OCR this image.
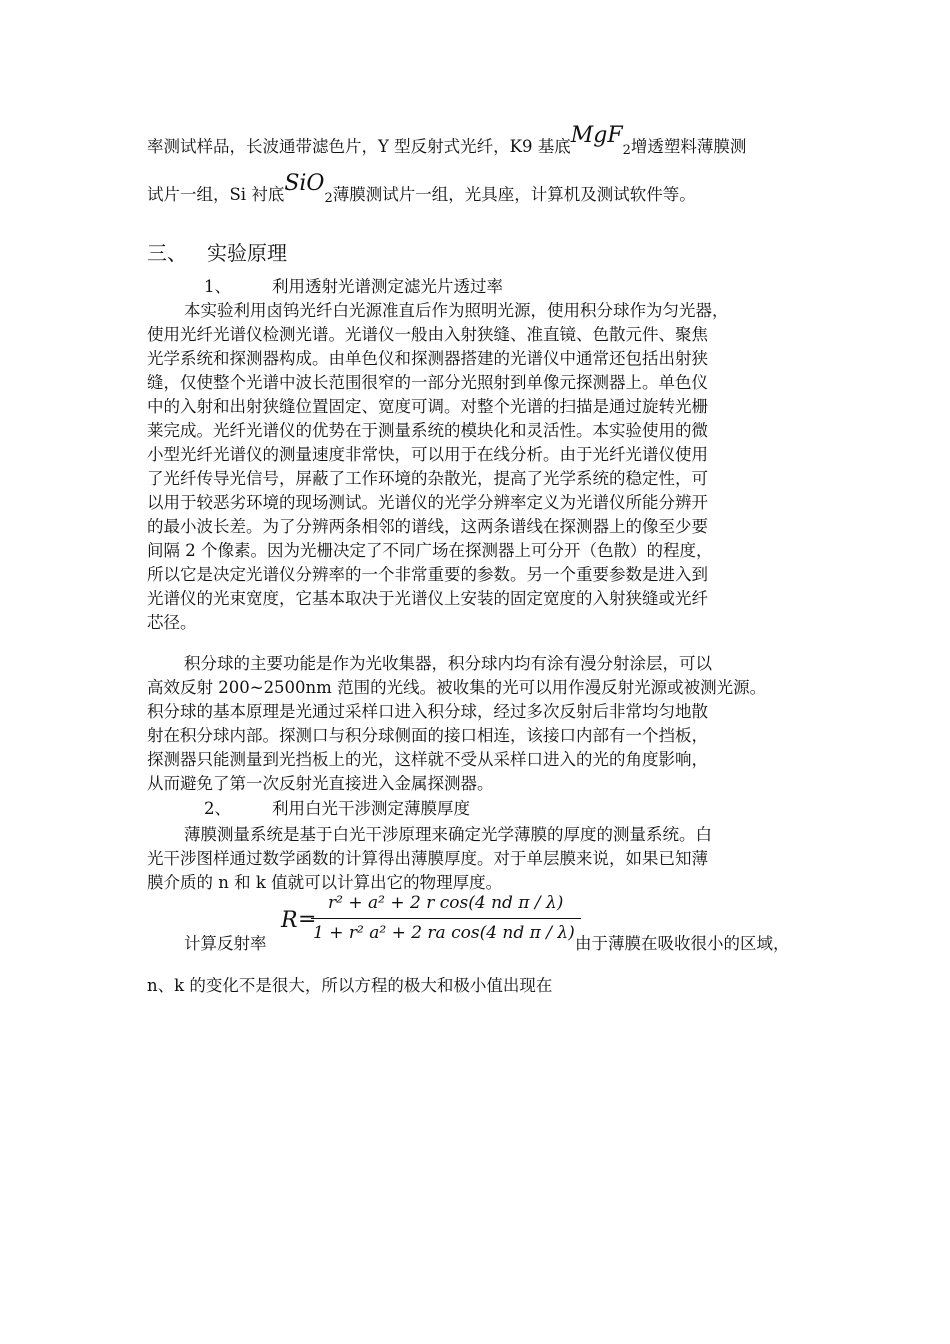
率测试样品，长波通带滤色片，Y 型反射式光纤，K9 基底MgF2增透塑料薄膜测
试片一组，Si 衬底SiO2薄膜测试片一组，光具座，计算机及测试软件等。
三、 实验原理
1、 利用透射光谱测定滤光片透过率
本实验利用卤钨光纤白光源准直后作为照明光源，使用积分球作为匀光器，
使用光纤光谱仪检测光谱。光谱仪一般由入射狭缝、准直镜、色散元件、聚焦
光学系统和探测器构成。由单色仪和探测器搭建的光谱仪中通常还包括出射狭
缝，仅使整个光谱中波长范围很窄的一部分光照射到单像元探测器上。单色仪
中的入射和出射狭缝位置固定、宽度可调。对整个光谱的扫描是通过旋转光栅
莱完成。光纤光谱仪的优势在于测量系统的模块化和灵活性。本实验使用的微
小型光纤光谱仪的测量速度非常快，可以用于在线分析。由于光纤光谱仪使用
了光纤传导光信号，屏蔽了工作环境的杂散光，提高了光学系统的稳定性，可
以用于较恶劣环境的现场测试。光谱仪的光学分辨率定义为光谱仪所能分辨开
的最小波长差。为了分辨两条相邻的谱线，这两条谱线在探测器上的像至少要
间隔 2 个像素。因为光栅决定了不同广场在探测器上可分开（色散）的程度，
所以它是决定光谱仪分辨率的一个非常重要的参数。另一个重要参数是进入到
光谱仪的光束宽度，它基本取决于光谱仪上安装的固定宽度的入射狭缝或光纤
芯径。
积分球的主要功能是作为光收集器，积分球内均有涂有漫分射涂层，可以
高效反射 200~2500nm 范围的光线。被收集的光可以用作漫反射光源或被测光源。
积分球的基本原理是光通过采样口进入积分球，经过多次反射后非常均匀地散
射在积分球内部。探测口与积分球侧面的接口相连，该接口内部有一个挡板，
探测器只能测量到光挡板上的光，这样就不受从采样口进入的光的角度影响，
从而避免了第一次反射光直接进入金属探测器。
2、 利用白光干涉测定薄膜厚度
薄膜测量系统是基于白光干涉原理来确定光学薄膜的厚度的测量系统。白
光干涉图样通过数学函数的计算得出薄膜厚度。对于单层膜来说，如果已知薄
膜介质的 n 和 k 值就可以计算出它的物理厚度。
R =
r² + a² + 2 r cos(4 nd π / λ)
1 + r² a² + 2 ra cos(4 nd π / λ)
计算反射率	由于薄膜在吸收很小的区域，
n、k 的变化不是很大，所以方程的极大和极小值出现在
